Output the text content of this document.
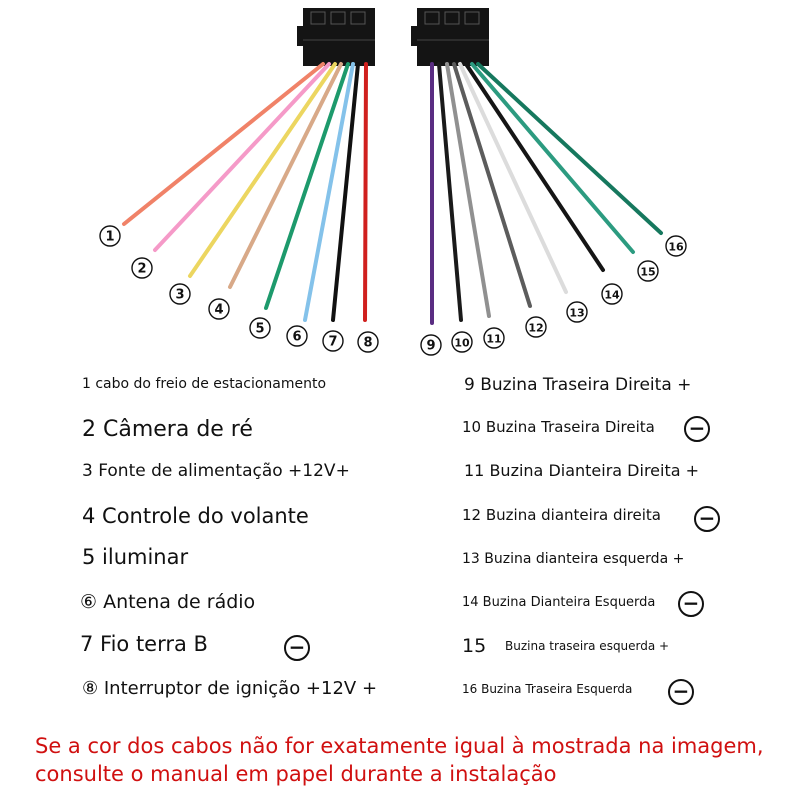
1
2
3
4
5
6 7 8	9 10 11
12
13
14
15
16
1 cabo do freio de estacionamento
2 Câmera de ré
3 Fonte de alimentação +12V+
4 Controle do volante
5 iluminar
⑥ Antena de rádio
7 Fio terra B	−
⑧ Interruptor de ignição +12V +
9 Buzina Traseira Direita +
10 Buzina Traseira Direita −
11 Buzina Dianteira Direita +
12 Buzina dianteira direita −
13 Buzina dianteira esquerda +
14 Buzina Dianteira Esquerda −
15 Buzina traseira esquerda +
16 Buzina Traseira Esquerda −
Se a cor dos cabos não for exatamente igual à mostrada na imagem,
consulte o manual em papel durante a instalação
